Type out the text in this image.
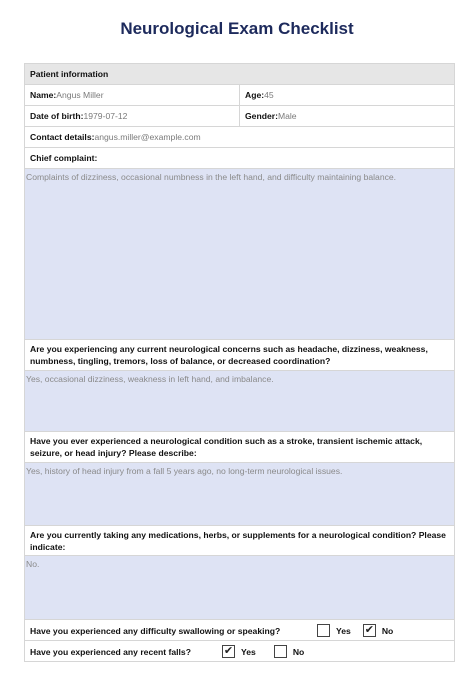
Neurological Exam Checklist
Patient information
Name: Angus Miller	Age: 45
Date of birth: 1979-07-12	Gender: Male
Contact details: angus.miller@example.com
Chief complaint:
Complaints of dizziness, occasional numbness in the left hand, and difficulty maintaining balance.
Are you experiencing any current neurological concerns such as headache, dizziness, weakness, numbness, tingling, tremors, loss of balance, or decreased coordination?
Yes, occasional dizziness, weakness in left hand, and imbalance.
Have you ever experienced a neurological condition such as a stroke, transient ischemic attack, seizure, or head injury? Please describe:
Yes, history of head injury from a fall 5 years ago, no long-term neurological issues.
Are you currently taking any medications, herbs, or supplements for a neurological condition? Please indicate:
No.
Have you experienced any difficulty swallowing or speaking?	Yes ✔ No
Have you experienced any recent falls?	✔ Yes	No
